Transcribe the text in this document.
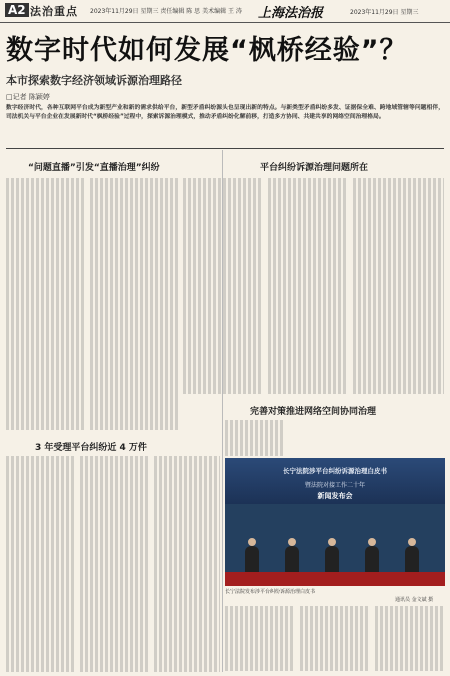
A2 法治重点 2023年11月29日 星期三 责任编辑 陈 思 美术编辑 王 涛 上海法治报	2023年11月29日 星期三
数字时代如何发展“枫桥经验”？
本市探索数字经济领域诉源治理路径
□记者 陈颖婷
数字经济时代，各种互联网平台成为新型产业和新的需求供给平台，新型矛盾纠纷源头也呈现出新的特点。与新类型矛盾纠纷多发、证据保全难、跨地域管辖等问题相伴，司法机关与平台企业在发展新时代“枫桥经验”过程中，探索诉源治理模式，推动矛盾纠纷化解前移，打造多方协同、共建共享的网络空间治理格局。
“问题直播”引发“直播治理”纠纷	平台纠纷诉源治理问题所在
3 年受理平台纠纷近 4 万件
完善对策推进网络空间协同治理
长宁法院涉平台纠纷诉源治理白皮书
暨法院对接工作二十年
新闻发布会
长宁法院发布涉平台纠纷诉源治理白皮书
通讯员 金文斌 摄
